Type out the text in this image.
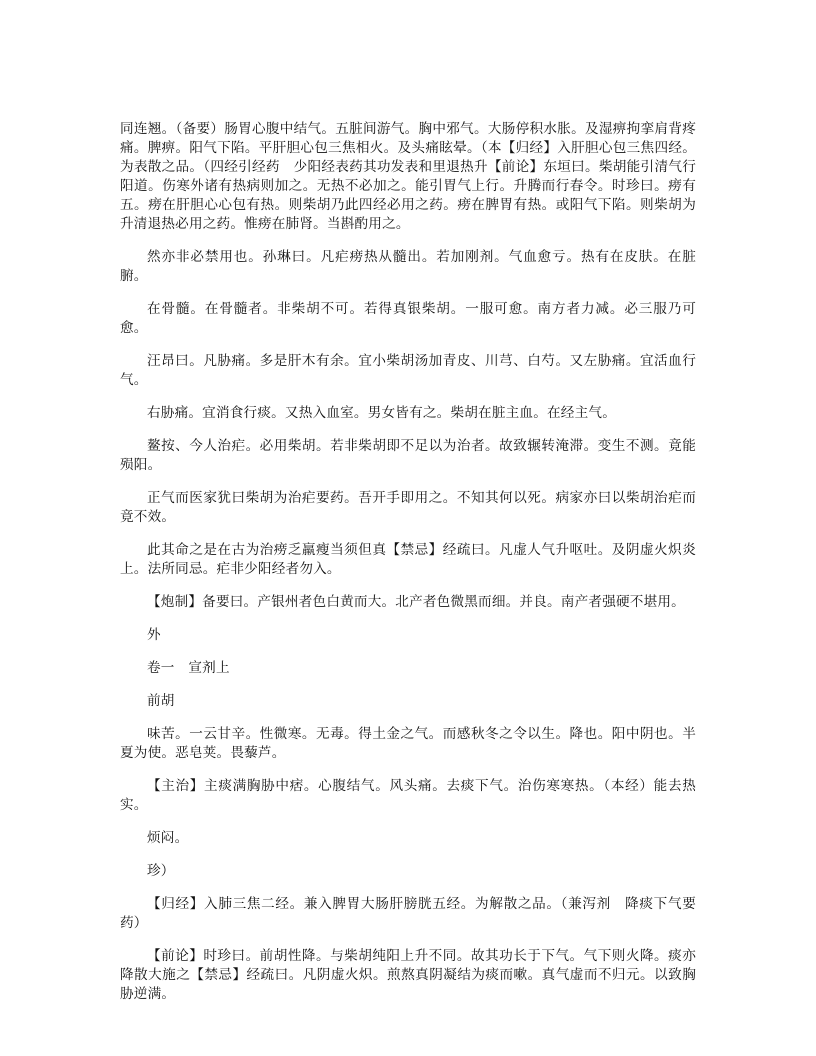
同连翘。（备要）肠胃心腹中结气。五脏间游气。胸中邪气。大肠停积水胀。及湿痹拘挛肩背疼痛。脾痹。阳气下陷。平肝胆心包三焦相火。及头痛眩晕。（本【归经】入肝胆心包三焦四经。为表散之品。（四经引经药　少阳经表药其功发表和里退热升【前论】东垣曰。柴胡能引清气行阳道。伤寒外诸有热病则加之。无热不必加之。能引胃气上行。升腾而行春令。时珍曰。痨有五。痨在肝胆心心包有热。则柴胡乃此四经必用之药。痨在脾胃有热。或阳气下陷。则柴胡为升清退热必用之药。惟痨在肺肾。当斟酌用之。

然亦非必禁用也。孙琳曰。凡疟痨热从髓出。若加刚剂。气血愈亏。热有在皮肤。在脏腑。

在骨髓。在骨髓者。非柴胡不可。若得真银柴胡。一服可愈。南方者力减。必三服乃可愈。

汪昂曰。凡胁痛。多是肝木有余。宜小柴胡汤加青皮、川芎、白芍。又左胁痛。宜活血行气。

右胁痛。宜消食行痰。又热入血室。男女皆有之。柴胡在脏主血。在经主气。

鳌按、今人治疟。必用柴胡。若非柴胡即不足以为治者。故致辗转淹滞。变生不测。竟能殒阳。

正气而医家犹曰柴胡为治疟要药。吾开手即用之。不知其何以死。病家亦曰以柴胡治疟而竟不效。

此其命之是在古为治痨乏羸瘦当须但真【禁忌】经疏曰。凡虚人气升呕吐。及阴虚火炽炎上。法所同忌。疟非少阳经者勿入。

【炮制】备要曰。产银州者色白黄而大。北产者色微黑而细。并良。南产者强硬不堪用。

外

卷一　宣剂上

前胡

味苦。一云甘辛。性微寒。无毒。得土金之气。而感秋冬之令以生。降也。阳中阴也。半夏为使。恶皂荚。畏藜芦。

【主治】主痰满胸胁中痞。心腹结气。风头痛。去痰下气。治伤寒寒热。（本经）能去热实。

烦闷。

珍）

【归经】入肺三焦二经。兼入脾胃大肠肝膀胱五经。为解散之品。（兼泻剂　降痰下气要药）

【前论】时珍曰。前胡性降。与柴胡纯阳上升不同。故其功长于下气。气下则火降。痰亦降散大施之【禁忌】经疏曰。凡阴虚火炽。煎熬真阴凝结为痰而嗽。真气虚而不归元。以致胸胁逆满。
